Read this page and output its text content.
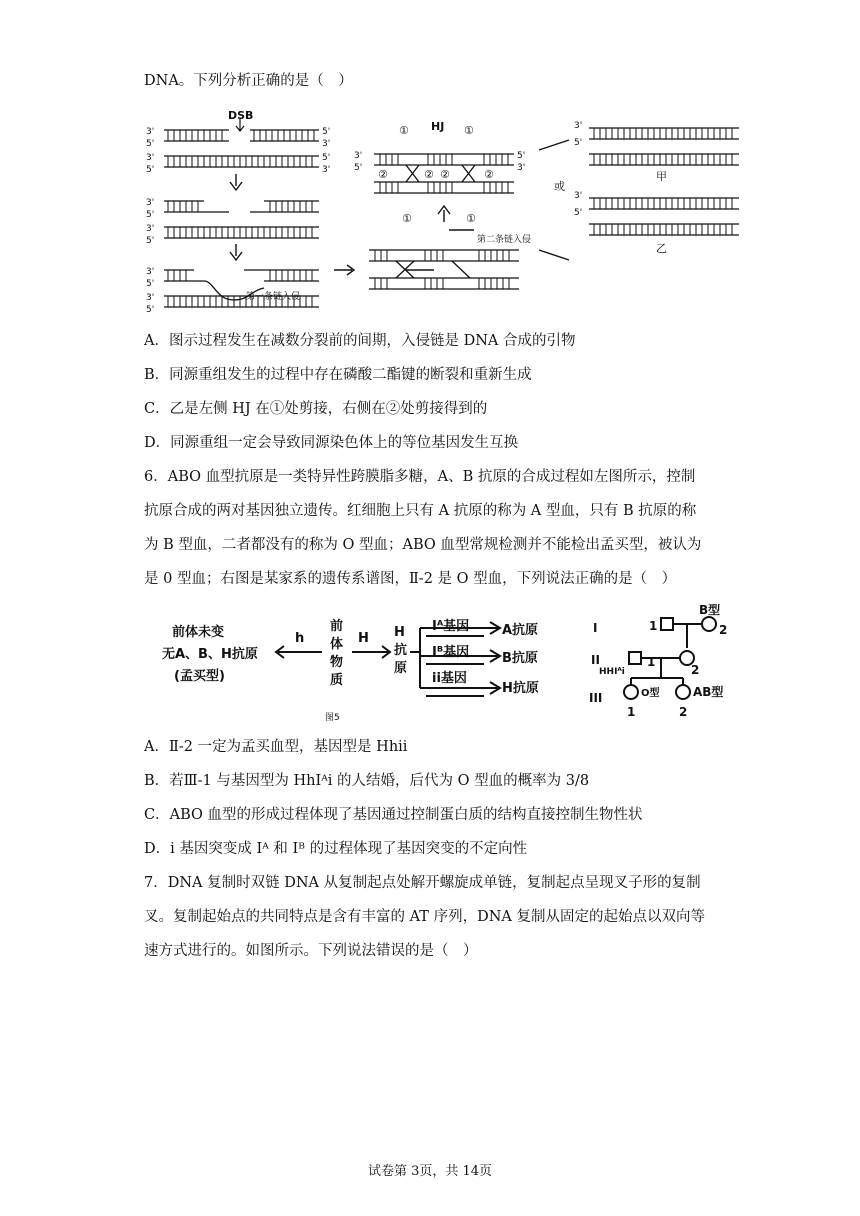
DNA。下列分析正确的是（　）
DSB
HJ
①	①
①	①
②	② ②	②
第一条链入侵
第二条链入侵
或
甲
乙
3'
5'
3'
5'
3'
5'
3'
5'
3'
5'
3'
5'
5'
3'
5'
3'
3'
5'
5'
3'
3'
5'
3'
5'
A．图示过程发生在减数分裂前的间期，入侵链是 DNA 合成的引物
B．同源重组发生的过程中存在磷酸二酯键的断裂和重新生成
C．乙是左侧 HJ 在①处剪接，右侧在②处剪接得到的
D．同源重组一定会导致同源染色体上的等位基因发生互换
6．ABO 血型抗原是一类特异性跨膜脂多糖，A、B 抗原的合成过程如左图所示，控制
抗原合成的两对基因独立遗传。红细胞上只有 A 抗原的称为 A 型血，只有 B 抗原的称
为 B 型血，二者都没有的称为 O 型血；ABO 血型常规检测并不能检出孟买型，被认为
是 0 型血；右图是某家系的遗传系谱图，Ⅱ-2 是 O 型血，下列说法正确的是（　）
前体未变
无A、B、H抗原
(孟买型)
h	H
前
体
物
质
H
抗
原
Iᴬ基因
Iᴮ基因
ii基因
A抗原
B抗原
H抗原
图5
I
II
III
1	2
B型
1
2
1	2
O型	AB型
HHIᴬi
A．Ⅱ-2 一定为孟买血型，基因型是 Hhii
B．若Ⅲ-1 与基因型为 HhIᴬi 的人结婚，后代为 O 型血的概率为 3/8
C．ABO 血型的形成过程体现了基因通过控制蛋白质的结构直接控制生物性状
D．i 基因突变成 Iᴬ 和 Iᴮ 的过程体现了基因突变的不定向性
7．DNA 复制时双链 DNA 从复制起点处解开螺旋成单链，复制起点呈现叉子形的复制
叉。复制起始点的共同特点是含有丰富的 AT 序列，DNA 复制从固定的起始点以双向等
速方式进行的。如图所示。下列说法错误的是（　）
试卷第 3页，共 14页
